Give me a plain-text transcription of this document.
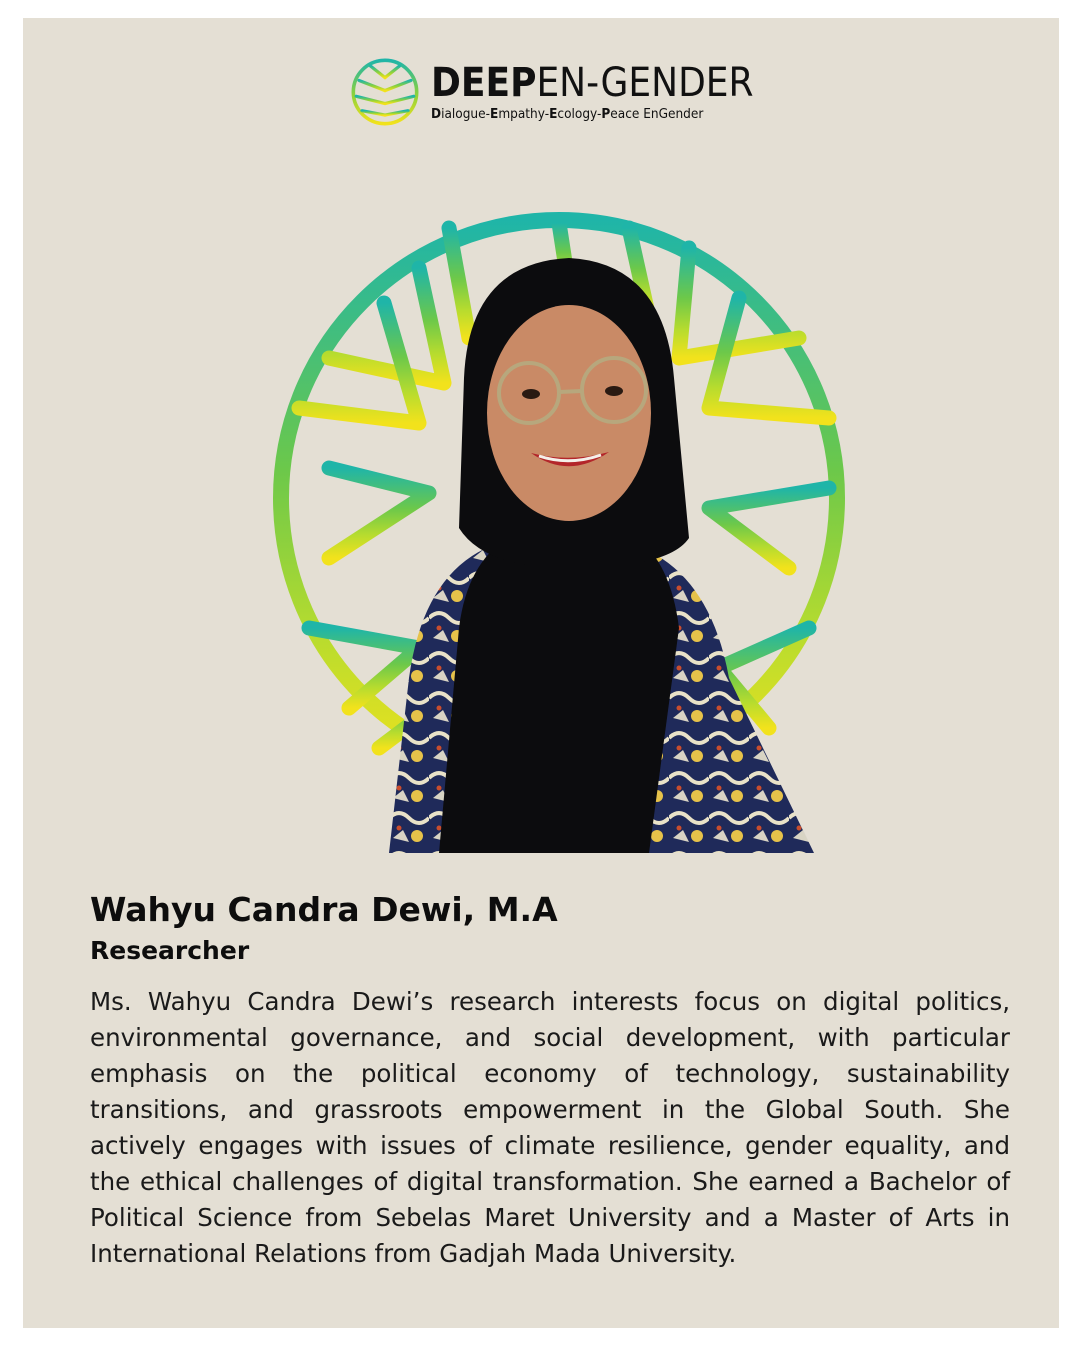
DEEPEN-GENDER
Dialogue-Empathy-Ecology-Peace EnGender
Wahyu Candra Dewi, M.A
Researcher

Ms. Wahyu Candra Dewi’s research interests focus on digital politics, environmental governance, and social development, with particular emphasis on the political economy of technology, sustainability transitions, and grassroots empowerment in the Global South. She actively engages with issues of climate resilience, gender equality, and the ethical challenges of digital transformation. She earned a Bachelor of Political Science from Sebelas Maret University and a Master of Arts in International Relations from Gadjah Mada University.
